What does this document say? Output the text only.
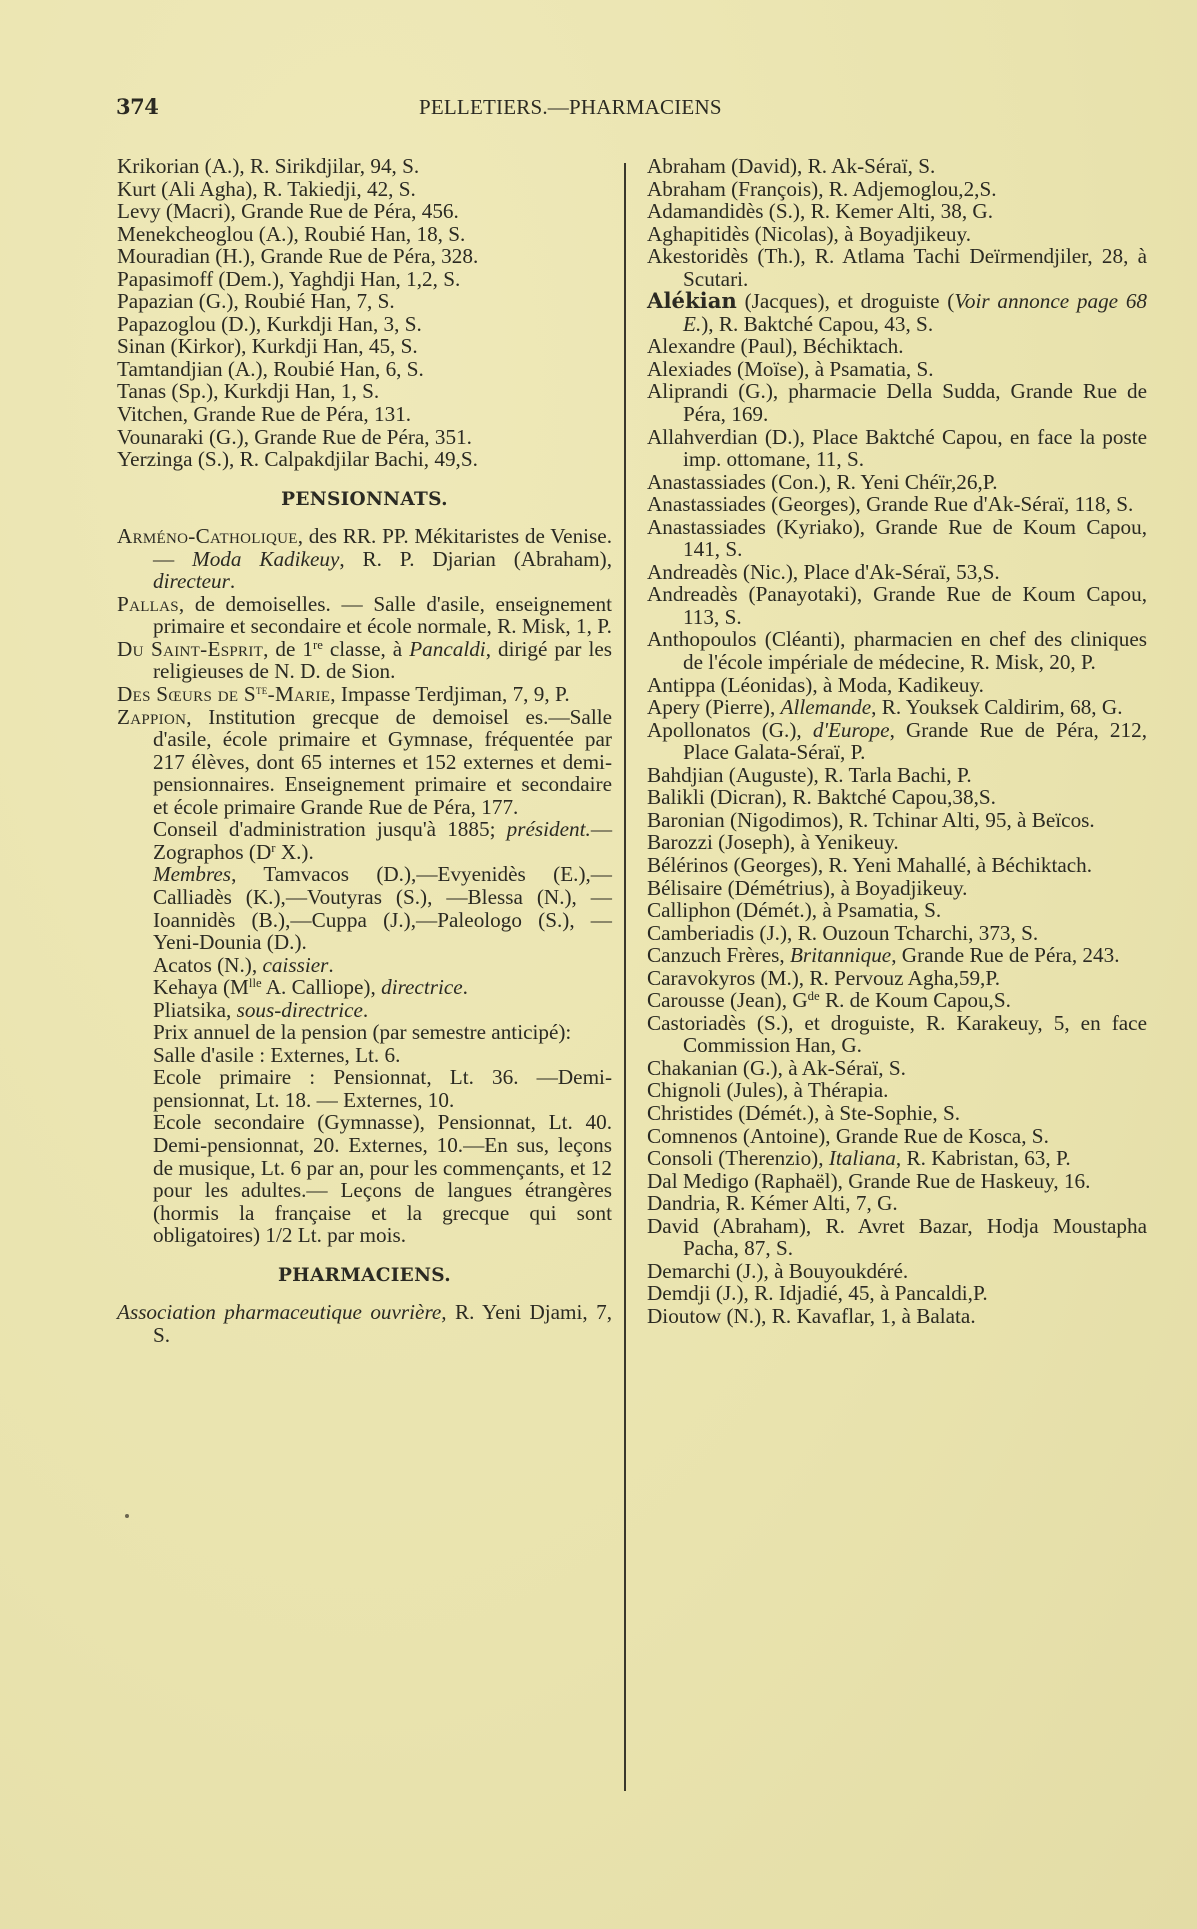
374	PELLETIERS.—PHARMACIENS
Krikorian (A.), R. Sirikdjilar, 94, S.
Kurt (Ali Agha), R. Takiedji, 42, S.
Levy (Macri), Grande Rue de Péra, 456.
Menekcheoglou (A.), Roubié Han, 18, S.
Mouradian (H.), Grande Rue de Péra, 328.
Papasimoff (Dem.), Yaghdji Han, 1,2, S.
Papazian (G.), Roubié Han, 7, S.
Papazoglou (D.), Kurkdji Han, 3, S.
Sinan (Kirkor), Kurkdji Han, 45, S.
Tamtandjian (A.), Roubié Han, 6, S.
Tanas (Sp.), Kurkdji Han, 1, S.
Vitchen, Grande Rue de Péra, 131.
Vounaraki (G.), Grande Rue de Péra, 351.
Yerzinga (S.), R. Calpakdjilar Bachi, 49,S.
PENSIONNATS.
Arméno-Catholique, des RR. PP. Mékitaristes de Venise. — Moda Kadikeuy, R. P. Djarian (Abraham), directeur.
Pallas, de demoiselles. — Salle d'asile, enseignement primaire et secondaire et école normale, R. Misk, 1, P.
Du Saint-Esprit, de 1re classe, à Pancaldi, dirigé par les religieuses de N. D. de Sion.
Des Sœurs de $S^{te}$-Marie, Impasse Terdjiman, 7, 9, P.
Zappion, Institution grecque de demoisel es.—Salle d'asile, école primaire et Gymnase, fréquentée par 217 élèves, dont 65 internes et 152 externes et demi-pensionnaires. Enseignement primaire et secondaire et école primaire Grande Rue de Péra, 177.
Conseil d'administration jusqu'à 1885; président.—Zographos ($D^r$ X.).
Membres, Tamvacos (D.),—Evyenidès (E.),—Calliadès (K.),—Voutyras (S.), —Blessa (N.), —Ioannidès (B.),—Cuppa (J.),—Paleologo (S.), — Yeni-Dounia (D.).
Acatos (N.), caissier.
Kehaya ($M^{lle}$ A. Calliope), directrice.
Pliatsika, sous-directrice.
Prix annuel de la pension (par semestre anticipé):
Salle d'asile : Externes, Lt. 6.
Ecole primaire : Pensionnat, Lt. 36. —Demi-pensionnat, Lt. 18. — Externes, 10.
Ecole secondaire (Gymnasse), Pensionnat, Lt. 40. Demi-pensionnat, 20. Externes, 10.—En sus, leçons de musique, Lt. 6 par an, pour les commençants, et 12 pour les adultes.— Leçons de langues étrangères (hormis la française et la grecque qui sont obligatoires) 1/2 Lt. par mois.
PHARMACIENS.
Association pharmaceutique ouvrière, R. Yeni Djami, 7, S.
Abraham (David), R. Ak-Séraï, S.
Abraham (François), R. Adjemoglou,2,S.
Adamandidès (S.), R. Kemer Alti, 38, G.
Aghapitidès (Nicolas), à Boyadjikeuy.
Akestoridès (Th.), R. Atlama Tachi Deïrmendjiler, 28, à Scutari.
Alékian (Jacques), et droguiste (Voir annonce page 68 E.), R. Baktché Capou, 43, S.
Alexandre (Paul), Béchiktach.
Alexiades (Moïse), à Psamatia, S.
Aliprandi (G.), pharmacie Della Sudda, Grande Rue de Péra, 169.
Allahverdian (D.), Place Baktché Capou, en face la poste imp. ottomane, 11, S.
Anastassiades (Con.), R. Yeni Chéïr,26,P.
Anastassiades (Georges), Grande Rue d'Ak-Séraï, 118, S.
Anastassiades (Kyriako), Grande Rue de Koum Capou, 141, S.
Andreadès (Nic.), Place d'Ak-Séraï, 53,S.
Andreadès (Panayotaki), Grande Rue de Koum Capou, 113, S.
Anthopoulos (Cléanti), pharmacien en chef des cliniques de l'école impériale de médecine, R. Misk, 20, P.
Antippa (Léonidas), à Moda, Kadikeuy.
Apery (Pierre), Allemande, R. Youksek Caldirim, 68, G.
Apollonatos (G.), d'Europe, Grande Rue de Péra, 212, Place Galata-Séraï, P.
Bahdjian (Auguste), R. Tarla Bachi, P.
Balikli (Dicran), R. Baktché Capou,38,S.
Baronian (Nigodimos), R. Tchinar Alti, 95, à Beïcos.
Barozzi (Joseph), à Yenikeuy.
Bélérinos (Georges), R. Yeni Mahallé, à Béchiktach.
Bélisaire (Démétrius), à Boyadjikeuy.
Calliphon (Démét.), à Psamatia, S.
Camberiadis (J.), R. Ouzoun Tcharchi, 373, S.
Canzuch Frères, Britannique, Grande Rue de Péra, 243.
Caravokyros (M.), R. Pervouz Agha,59,P.
Carousse (Jean), $G^{de}$ R. de Koum Capou,S.
Castoriadès (S.), et droguiste, R. Karakeuy, 5, en face Commission Han, G.
Chakanian (G.), à Ak-Séraï, S.
Chignoli (Jules), à Thérapia.
Christides (Démét.), à Ste-Sophie, S.
Comnenos (Antoine), Grande Rue de Kosca, S.
Consoli (Therenzio), Italiana, R. Kabristan, 63, P.
Dal Medigo (Raphaël), Grande Rue de Haskeuy, 16.
Dandria, R. Kémer Alti, 7, G.
David (Abraham), R. Avret Bazar, Hodja Moustapha Pacha, 87, S.
Demarchi (J.), à Bouyoukdéré.
Demdji (J.), R. Idjadié, 45, à Pancaldi,P.
Dioutow (N.), R. Kavaflar, 1, à Balata.
